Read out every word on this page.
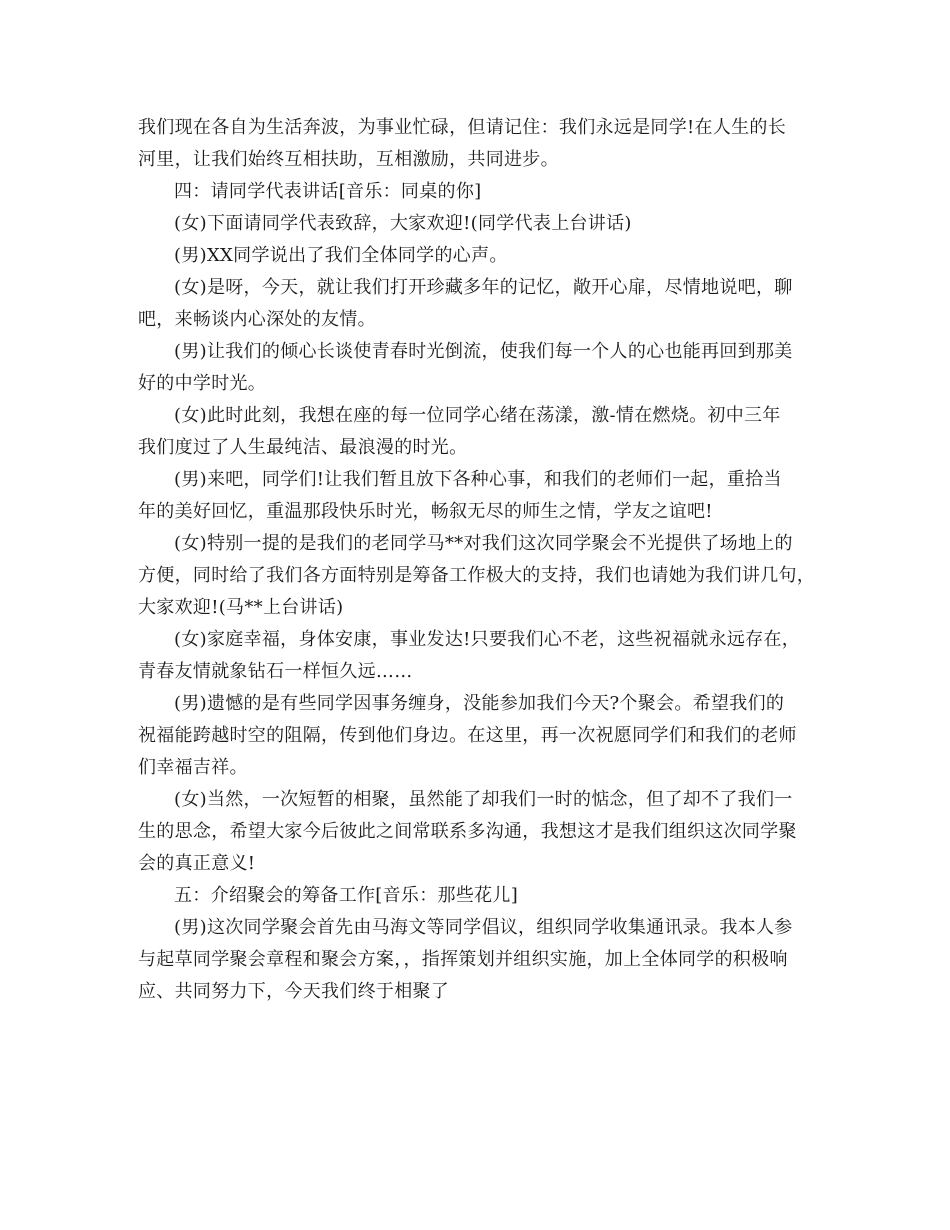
我们现在各自为生活奔波，为事业忙碌，但请记住：我们永远是同学!在人生的长
河里，让我们始终互相扶助，互相激励，共同进步。
四：请同学代表讲话[音乐：同桌的你]
(女)下面请同学代表致辞，大家欢迎!(同学代表上台讲话)
(男)XX同学说出了我们全体同学的心声。
(女)是呀，今天，就让我们打开珍藏多年的记忆，敞开心扉，尽情地说吧，聊
吧，来畅谈内心深处的友情。
(男)让我们的倾心长谈使青春时光倒流，使我们每一个人的心也能再回到那美
好的中学时光。
(女)此时此刻，我想在座的每一位同学心绪在荡漾，激-情在燃烧。初中三年
我们度过了人生最纯洁、最浪漫的时光。
(男)来吧，同学们!让我们暂且放下各种心事，和我们的老师们一起，重拾当
年的美好回忆，重温那段快乐时光，畅叙无尽的师生之情，学友之谊吧!
(女)特别一提的是我们的老同学马**对我们这次同学聚会不光提供了场地上的
方便，同时给了我们各方面特别是筹备工作极大的支持，我们也请她为我们讲几句，
大家欢迎!(马**上台讲话)
(女)家庭幸福，身体安康，事业发达!只要我们心不老，这些祝福就永远存在，
青春友情就象钻石一样恒久远……
(男)遗憾的是有些同学因事务缠身，没能参加我们今天?个聚会。希望我们的
祝福能跨越时空的阻隔，传到他们身边。在这里，再一次祝愿同学们和我们的老师
们幸福吉祥。
(女)当然，一次短暂的相聚，虽然能了却我们一时的惦念，但了却不了我们一
生的思念，希望大家今后彼此之间常联系多沟通，我想这才是我们组织这次同学聚
会的真正意义!
五：介绍聚会的筹备工作[音乐：那些花儿]
(男)这次同学聚会首先由马海文等同学倡议，组织同学收集通讯录。我本人参
与起草同学聚会章程和聚会方案，，指挥策划并组织实施，加上全体同学的积极响
应、共同努力下，今天我们终于相聚了
